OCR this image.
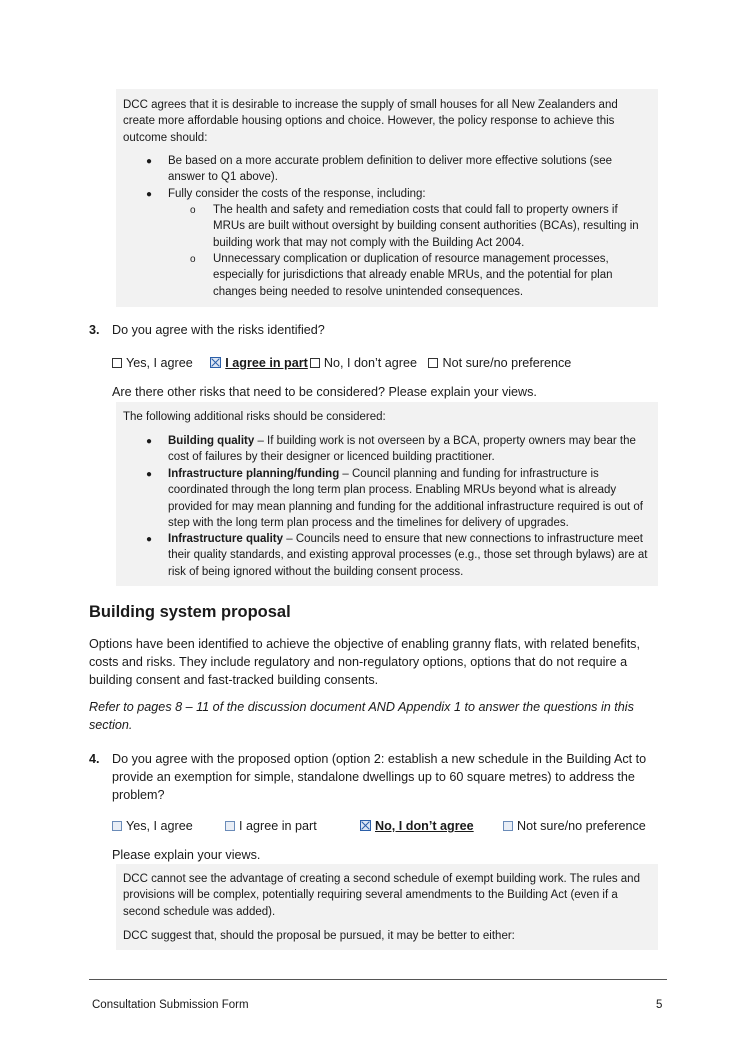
DCC agrees that it is desirable to increase the supply of small houses for all New Zealanders and create more affordable housing options and choice. However, the policy response to achieve this outcome should:
● Be based on a more accurate problem definition to deliver more effective solutions (see answer to Q1 above).
● Fully consider the costs of the response, including:
o The health and safety and remediation costs that could fall to property owners if MRUs are built without oversight by building consent authorities (BCAs), resulting in building work that may not comply with the Building Act 2004.
o Unnecessary complication or duplication of resource management processes, especially for jurisdictions that already enable MRUs, and the potential for plan changes being needed to resolve unintended consequences.
3. Do you agree with the risks identified?
Yes, I agree	I agree in part No, I don’t agree Not sure/no preference
Are there other risks that need to be considered? Please explain your views.
The following additional risks should be considered:
● Building quality – If building work is not overseen by a BCA, property owners may bear the cost of failures by their designer or licenced building practitioner.
● Infrastructure planning/funding – Council planning and funding for infrastructure is coordinated through the long term plan process. Enabling MRUs beyond what is already provided for may mean planning and funding for the additional infrastructure required is out of step with the long term plan process and the timelines for delivery of upgrades.
● Infrastructure quality – Councils need to ensure that new connections to infrastructure meet their quality standards, and existing approval processes (e.g., those set through bylaws) are at risk of being ignored without the building consent process.
Building system proposal
Options have been identified to achieve the objective of enabling granny flats, with related benefits, costs and risks. They include regulatory and non-regulatory options, options that do not require a building consent and fast-tracked building consents.
Refer to pages 8 – 11 of the discussion document AND Appendix 1 to answer the questions in this section.
4. Do you agree with the proposed option (option 2: establish a new schedule in the Building Act to provide an exemption for simple, standalone dwellings up to 60 square metres) to address the problem?
Yes, I agree	I agree in part	No, I don’t agree	Not sure/no preference
Please explain your views.
DCC cannot see the advantage of creating a second schedule of exempt building work. The rules and provisions will be complex, potentially requiring several amendments to the Building Act (even if a second schedule was added).
DCC suggest that, should the proposal be pursued, it may be better to either:
Consultation Submission Form	5
